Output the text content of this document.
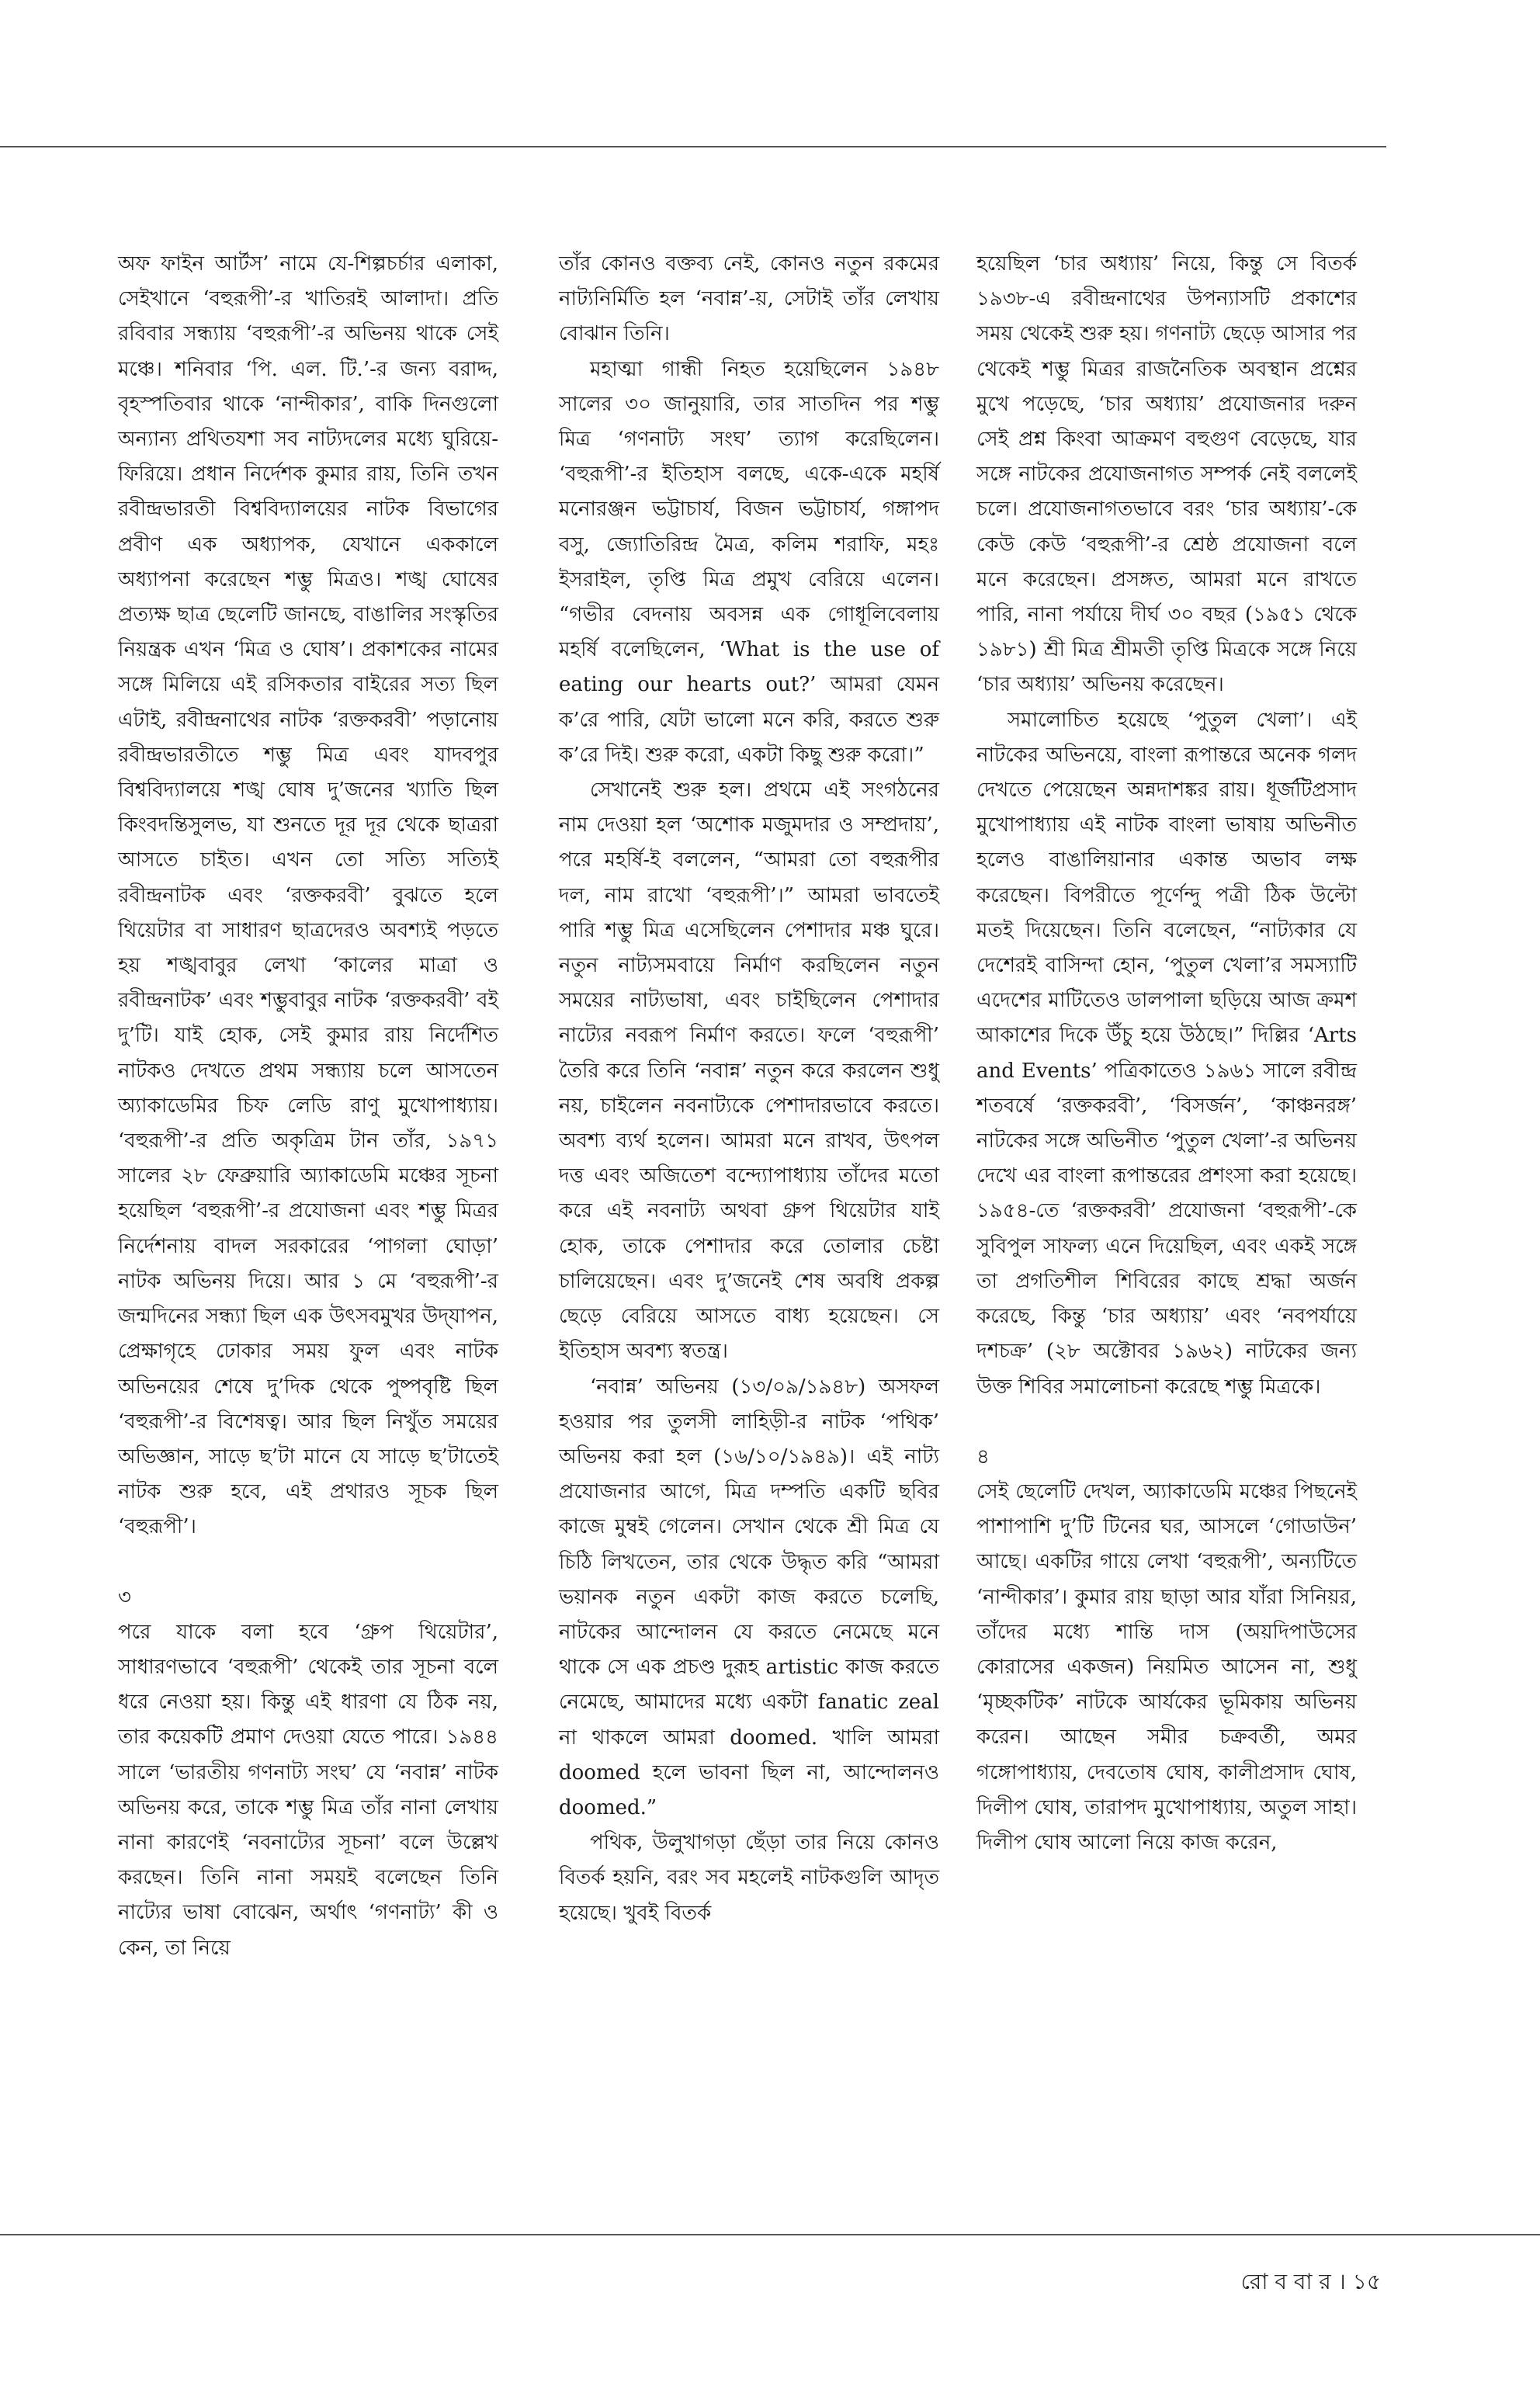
অফ ফাইন আর্টস’ নামে যে-শিল্পচর্চার এলাকা, সেইখানে ‘বহুরূপী’-র খাতিরই আলাদা। প্রতি রবিবার সন্ধ্যায় ‘বহুরূপী’-র অভিনয় থাকে সেই মঞ্চে। শনিবার ‘পি. এল. টি.’-র জন্য বরাদ্দ, বৃহস্পতিবার থাকে ‘নান্দীকার’, বাকি দিনগুলো অন্যান্য প্রথিতযশা সব নাট্যদলের মধ্যে ঘুরিয়ে-ফিরিয়ে। প্রধান নির্দেশক কুমার রায়, তিনি তখন রবীন্দ্রভারতী বিশ্ববিদ্যালয়ের নাটক বিভাগের প্রবীণ এক অধ্যাপক, যেখানে এককালে অধ্যাপনা করেছেন শম্ভু মিত্রও। শঙ্খ ঘোষের প্রত্যক্ষ ছাত্র ছেলেটি জানছে, বাঙালির সংস্কৃতির নিয়ন্ত্রক এখন ‘মিত্র ও ঘোষ’। প্রকাশকের নামের সঙ্গে মিলিয়ে এই রসিকতার বাইরের সত্য ছিল এটাই, রবীন্দ্রনাথের নাটক ‘রক্তকরবী’ পড়ানোয় রবীন্দ্রভারতীতে শম্ভু মিত্র এবং যাদবপুর বিশ্ববিদ্যালয়ে শঙ্খ ঘোষ দু’জনের খ্যাতি ছিল কিংবদন্তিসুলভ, যা শুনতে দূর দূর থেকে ছাত্ররা আসতে চাইত। এখন তো সত্যি সত্যিই রবীন্দ্রনাটক এবং ‘রক্তকরবী’ বুঝতে হলে থিয়েটার বা সাধারণ ছাত্রদেরও অবশ্যই পড়তে হয় শঙ্খবাবুর লেখা ‘কালের মাত্রা ও রবীন্দ্রনাটক’ এবং শম্ভুবাবুর নাটক ‘রক্তকরবী’ বই দু’টি। যাই হোক, সেই কুমার রায় নির্দেশিত নাটকও দেখতে প্রথম সন্ধ্যায় চলে আসতেন অ্যাকাডেমির চিফ লেডি রাণু মুখোপাধ্যায়। ‘বহুরূপী’-র প্রতি অকৃত্রিম টান তাঁর, ১৯৭১ সালের ২৮ ফেব্রুয়ারি অ্যাকাডেমি মঞ্চের সূচনা হয়েছিল ‘বহুরূপী’-র প্রযোজনা এবং শম্ভু মিত্রর নির্দেশনায় বাদল সরকারের ‘পাগলা ঘোড়া’ নাটক অভিনয় দিয়ে। আর ১ মে ‘বহুরূপী’-র জন্মদিনের সন্ধ্যা ছিল এক উৎসবমুখর উদ্‌যাপন, প্রেক্ষাগৃহে ঢোকার সময় ফুল এবং নাটক অভিনয়ের শেষে দু’দিক থেকে পুষ্পবৃষ্টি ছিল ‘বহুরূপী’-র বিশেষত্ব। আর ছিল নিখুঁত সময়ের অভিজ্ঞান, সাড়ে ছ’টা মানে যে সাড়ে ছ’টাতেই নাটক শুরু হবে, এই প্রথারও সূচক ছিল ‘বহুরূপী’।

৩

পরে যাকে বলা হবে ‘গ্রুপ থিয়েটার’, সাধারণভাবে ‘বহুরূপী’ থেকেই তার সূচনা বলে ধরে নেওয়া হয়। কিন্তু এই ধারণা যে ঠিক নয়, তার কয়েকটি প্রমাণ দেওয়া যেতে পারে। ১৯৪৪ সালে ‘ভারতীয় গণনাট্য সংঘ’ যে ‘নবান্ন’ নাটক অভিনয় করে, তাকে শম্ভু মিত্র তাঁর নানা লেখায় নানা কারণেই ‘নবনাট্যের সূচনা’ বলে উল্লেখ করছেন। তিনি নানা সময়ই বলেছেন তিনি নাট্যের ভাষা বোঝেন, অর্থাৎ ‘গণনাট্য’ কী ও কেন, তা নিয়ে

তাঁর কোনও বক্তব্য নেই, কোনও নতুন রকমের নাট্যনির্মিতি হল ‘নবান্ন’-য়, সেটাই তাঁর লেখায় বোঝান তিনি।

মহাত্মা গান্ধী নিহত হয়েছিলেন ১৯৪৮ সালের ৩০ জানুয়ারি, তার সাতদিন পর শম্ভু মিত্র ‘গণনাট্য সংঘ’ ত্যাগ করেছিলেন। ‘বহুরূপী’-র ইতিহাস বলছে, একে-একে মহর্ষি মনোরঞ্জন ভট্টাচার্য, বিজন ভট্টাচার্য, গঙ্গাপদ বসু, জ্যোতিরিন্দ্র মৈত্র, কলিম শরাফি, মহঃ ইসরাইল, তৃপ্তি মিত্র প্রমুখ বেরিয়ে এলেন। “গভীর বেদনায় অবসন্ন এক গোধূলিবেলায় মহর্ষি বলেছিলেন, ‘What is the use of eating our hearts out?’ আমরা যেমন ক’রে পারি, যেটা ভালো মনে করি, করতে শুরু ক’রে দিই। শুরু করো, একটা কিছু শুরু করো।”

সেখানেই শুরু হল। প্রথমে এই সংগঠনের নাম দেওয়া হল ‘অশোক মজুমদার ও সম্প্রদায়’, পরে মহর্ষি-ই বললেন, “আমরা তো বহুরূপীর দল, নাম রাখো ‘বহুরূপী’।” আমরা ভাবতেই পারি শম্ভু মিত্র এসেছিলেন পেশাদার মঞ্চ ঘুরে। নতুন নাট্যসমবায়ে নির্মাণ করছিলেন নতুন সময়ের নাট্যভাষা, এবং চাইছিলেন পেশাদার নাট্যের নবরূপ নির্মাণ করতে। ফলে ‘বহুরূপী’ তৈরি করে তিনি ‘নবান্ন’ নতুন করে করলেন শুধু নয়, চাইলেন নবনাট্যকে পেশাদারভাবে করতে। অবশ্য ব্যর্থ হলেন। আমরা মনে রাখব, উৎপল দত্ত এবং অজিতেশ বন্দ্যোপাধ্যায় তাঁদের মতো করে এই নবনাট্য অথবা গ্রুপ থিয়েটার যাই হোক, তাকে পেশাদার করে তোলার চেষ্টা চালিয়েছেন। এবং দু’জনেই শেষ অবধি প্রকল্প ছেড়ে বেরিয়ে আসতে বাধ্য হয়েছেন। সে ইতিহাস অবশ্য স্বতন্ত্র।

‘নবান্ন’ অভিনয় (১৩/০৯/১৯৪৮) অসফল হওয়ার পর তুলসী লাহিড়ী-র নাটক ‘পথিক’ অভিনয় করা হল (১৬/১০/১৯৪৯)। এই নাট্য প্রযোজনার আগে, মিত্র দম্পতি একটি ছবির কাজে মুম্বই গেলেন। সেখান থেকে শ্রী মিত্র যে চিঠি লিখতেন, তার থেকে উদ্ধৃত করি “আমরা ভয়ানক নতুন একটা কাজ করতে চলেছি, নাটকের আন্দোলন যে করতে নেমেছে মনে থাকে সে এক প্রচণ্ড দুরূহ artistic কাজ করতে নেমেছে, আমাদের মধ্যে একটা fanatic zeal না থাকলে আমরা doomed. খালি আমরা doomed হলে ভাবনা ছিল না, আন্দোলনও doomed.”

পথিক, উলুখাগড়া ছেঁড়া তার নিয়ে কোনও বিতর্ক হয়নি, বরং সব মহলেই নাটকগুলি আদৃত হয়েছে। খুবই বিতর্ক

হয়েছিল ‘চার অধ্যায়’ নিয়ে, কিন্তু সে বিতর্ক ১৯৩৮-এ রবীন্দ্রনাথের উপন্যাসটি প্রকাশের সময় থেকেই শুরু হয়। গণনাট্য ছেড়ে আসার পর থেকেই শম্ভু মিত্রর রাজনৈতিক অবস্থান প্রশ্নের মুখে পড়েছে, ‘চার অধ্যায়’ প্রযোজনার দরুন সেই প্রশ্ন কিংবা আক্রমণ বহুগুণ বেড়েছে, যার সঙ্গে নাটকের প্রযোজনাগত সম্পর্ক নেই বললেই চলে। প্রযোজনাগতভাবে বরং ‘চার অধ্যায়’-কে কেউ কেউ ‘বহুরূপী’-র শ্রেষ্ঠ প্রযোজনা বলে মনে করেছেন। প্রসঙ্গত, আমরা মনে রাখতে পারি, নানা পর্যায়ে দীর্ঘ ৩০ বছর (১৯৫১ থেকে ১৯৮১) শ্রী মিত্র শ্রীমতী তৃপ্তি মিত্রকে সঙ্গে নিয়ে ‘চার অধ্যায়’ অভিনয় করেছেন।

সমালোচিত হয়েছে ‘পুতুল খেলা’। এই নাটকের অভিনয়ে, বাংলা রূপান্তরে অনেক গলদ দেখতে পেয়েছেন অন্নদাশঙ্কর রায়। ধূর্জটিপ্রসাদ মুখোপাধ্যায় এই নাটক বাংলা ভাষায় অভিনীত হলেও বাঙালিয়ানার একান্ত অভাব লক্ষ করেছেন। বিপরীতে পূর্ণেন্দু পত্রী ঠিক উল্টো মতই দিয়েছেন। তিনি বলেছেন, “নাট্যকার যে দেশেরই বাসিন্দা হোন, ‘পুতুল খেলা’র সমস্যাটি এদেশের মাটিতেও ডালপালা ছড়িয়ে আজ ক্রমশ আকাশের দিকে উঁচু হয়ে উঠছে।” দিল্লির ‘Arts and Events’ পত্রিকাতেও ১৯৬১ সালে রবীন্দ্র শতবর্ষে ‘রক্তকরবী’, ‘বিসর্জন’, ‘কাঞ্চনরঙ্গ’ নাটকের সঙ্গে অভিনীত ‘পুতুল খেলা’-র অভিনয় দেখে এর বাংলা রূপান্তরের প্রশংসা করা হয়েছে। ১৯৫৪-তে ‘রক্তকরবী’ প্রযোজনা ‘বহুরূপী’-কে সুবিপুল সাফল্য এনে দিয়েছিল, এবং একই সঙ্গে তা প্রগতিশীল শিবিরের কাছে শ্রদ্ধা অর্জন করেছে, কিন্তু ‘চার অধ্যায়’ এবং ‘নবপর্যায়ে দশচক্র’ (২৮ অক্টোবর ১৯৬২) নাটকের জন্য উক্ত শিবির সমালোচনা করেছে শম্ভু মিত্রকে।

৪

সেই ছেলেটি দেখল, অ্যাকাডেমি মঞ্চের পিছনেই পাশাপাশি দু’টি টিনের ঘর, আসলে ‘গোডাউন’ আছে। একটির গায়ে লেখা ‘বহুরূপী’, অন্যটিতে ‘নান্দীকার’। কুমার রায় ছাড়া আর যাঁরা সিনিয়র, তাঁদের মধ্যে শান্তি দাস (অয়দিপাউসের কোরাসের একজন) নিয়মিত আসেন না, শুধু ‘মৃচ্ছকটিক’ নাটকে আর্যকের ভূমিকায় অভিনয় করেন। আছেন সমীর চক্রবর্তী, অমর গঙ্গোপাধ্যায়, দেবতোষ ঘোষ, কালীপ্রসাদ ঘোষ, দিলীপ ঘোষ, তারাপদ মুখোপাধ্যায়, অতুল সাহা। দিলীপ ঘোষ আলো নিয়ে কাজ করেন,

রো ব বা র । ১৫
